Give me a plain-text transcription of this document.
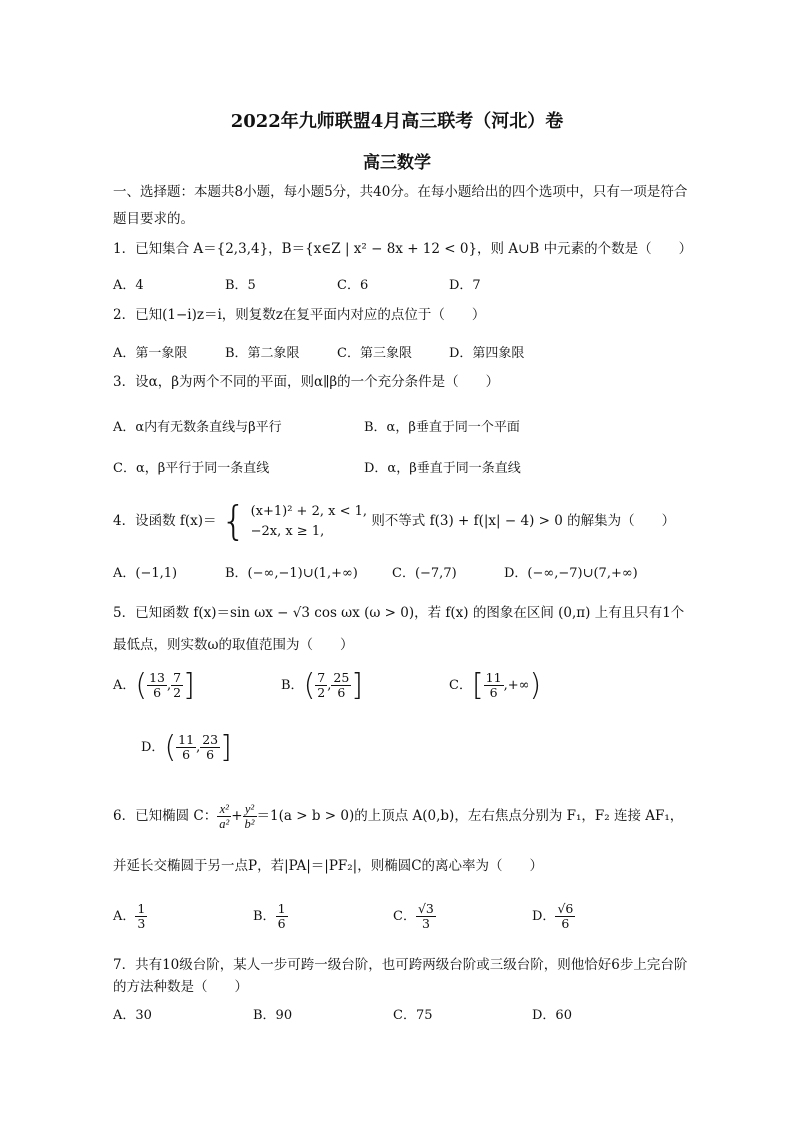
2022年九师联盟4月高三联考（河北）卷
高三数学
一、选择题：本题共8小题，每小题5分，共40分。在每小题给出的四个选项中，只有一项是符合
题目要求的。
1．已知集合 A＝{2,3,4}，B＝{x∈Z | x² − 8x + 12 < 0}，则 A∪B 中元素的个数是（　　）
A．4	B．5	C．6	D．7
2．已知(1−i)z＝i，则复数z在复平面内对应的点位于（　　）
A．第一象限	B．第二象限	C．第三象限	D．第四象限
3．设α，β为两个不同的平面，则α∥β的一个充分条件是（　　）
A．α内有无数条直线与β平行	B．α，β垂直于同一个平面
C．α，β平行于同一条直线	D．α，β垂直于同一条直线
4．设函数 f(x)＝ { (x+1)² + 2, x < 1,
−2x, x ≥ 1,
则不等式 f(3) + f(|x| − 4) > 0 的解集为（　　）
A．(−1,1)	B．(−∞,−1)∪(1,+∞)	C．(−7,7)	D．(−∞,−7)∪(7,+∞)
5．已知函数 f(x)＝sin ωx − √3 cos ωx (ω > 0)，若 f(x) 的图象在区间 (0,π) 上有且只有1个
最低点，则实数ω的取值范围为（　　）
A．( $\frac{13}{6}$ , $\frac{7}{2}$ ]	B．( $\frac{7}{2}$ , $\frac{25}{6}$ ]	C．[ $\frac{11}{6}$ ,+∞)
D．( $\frac{11}{6}$ , $\frac{23}{6}$ ]
6．已知椭圆 C： $\frac{\text{x²}}{\text{a²}} + \frac{\text{y²}}{\text{b²}} =1(a > b > 0)$的上顶点 A(0,b)，左右焦点分别为 F₁，F₂ 连接 AF₁，
并延长交椭圆于另一点P，若|PA|＝|PF₂|，则椭圆C的离心率为（　　）
A． $\frac{1}{3}$	B． $\frac{1}{6}$	C． $\frac{√3}{3}$	D． $\frac{√6}{6}$
7．共有10级台阶，某人一步可跨一级台阶，也可跨两级台阶或三级台阶，则他恰好6步上完台阶
的方法种数是（　　）
A．30	B．90	C．75	D．60
